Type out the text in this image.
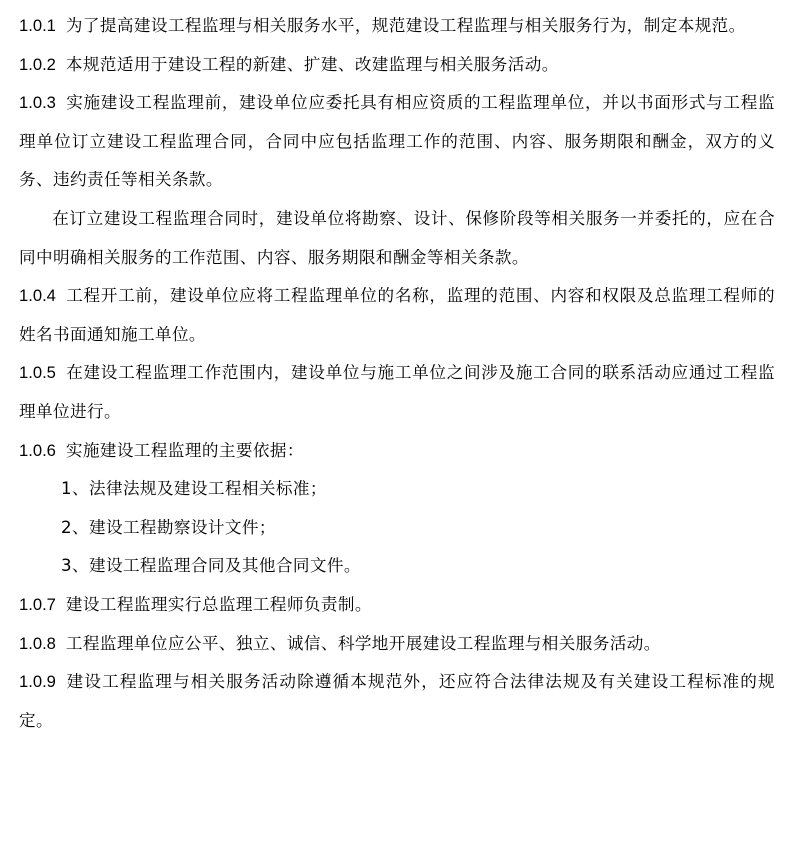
1.0.1 为了提高建设工程监理与相关服务水平，规范建设工程监理与相关服务行为，制定本规范。

1.0.2 本规范适用于建设工程的新建、扩建、改建监理与相关服务活动。

1.0.3 实施建设工程监理前，建设单位应委托具有相应资质的工程监理单位，并以书面形式与工程监理单位订立建设工程监理合同，合同中应包括监理工作的范围、内容、服务期限和酬金，双方的义务、违约责任等相关条款。

在订立建设工程监理合同时，建设单位将勘察、设计、保修阶段等相关服务一并委托的，应在合同中明确相关服务的工作范围、内容、服务期限和酬金等相关条款。

1.0.4 工程开工前，建设单位应将工程监理单位的名称，监理的范围、内容和权限及总监理工程师的姓名书面通知施工单位。

1.0.5 在建设工程监理工作范围内，建设单位与施工单位之间涉及施工合同的联系活动应通过工程监理单位进行。

1.0.6 实施建设工程监理的主要依据：

1、法律法规及建设工程相关标准；

2、建设工程勘察设计文件；

3、建设工程监理合同及其他合同文件。

1.0.7 建设工程监理实行总监理工程师负责制。

1.0.8 工程监理单位应公平、独立、诚信、科学地开展建设工程监理与相关服务活动。

1.0.9 建设工程监理与相关服务活动除遵循本规范外，还应符合法律法规及有关建设工程标准的规定。
